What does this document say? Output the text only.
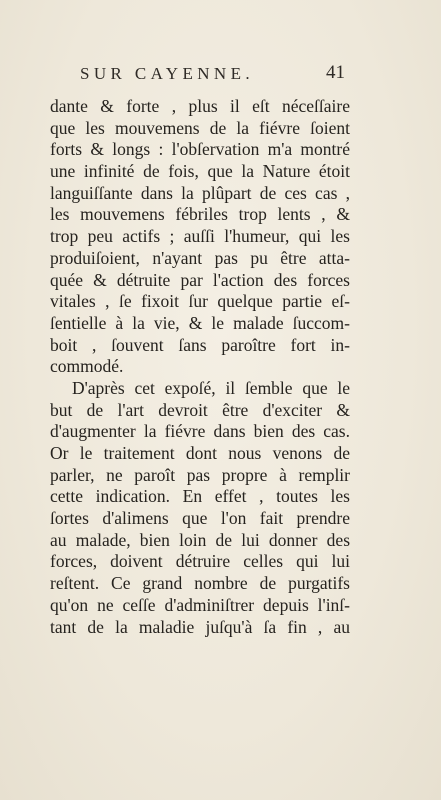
SUR CAYENNE.	41
dante & forte , plus il eſt néceſſaire
que les mouvemens de la fiévre ſoient
forts & longs : l'obſervation m'a montré
une infinité de fois, que la Nature étoit
languiſſante dans la plûpart de ces cas ,
les mouvemens fébriles trop lents , &
trop peu actifs ; auſſi l'humeur, qui les
produiſoient, n'ayant pas pu être atta-
quée & détruite par l'action des forces
vitales , ſe fixoit ſur quelque partie eſ-
ſentielle à la vie, & le malade ſuccom-
boit , ſouvent ſans paroître fort in-
commodé.
D'après cet expoſé, il ſemble que le
but de l'art devroit être d'exciter &
d'augmenter la fiévre dans bien des cas.
Or le traitement dont nous venons de
parler, ne paroît pas propre à remplir
cette indication. En effet , toutes les
ſortes d'alimens que l'on fait prendre
au malade, bien loin de lui donner des
forces, doivent détruire celles qui lui
reſtent. Ce grand nombre de purgatifs
qu'on ne ceſſe d'adminiſtrer depuis l'inſ-
tant de la maladie juſqu'à ſa fin , au
